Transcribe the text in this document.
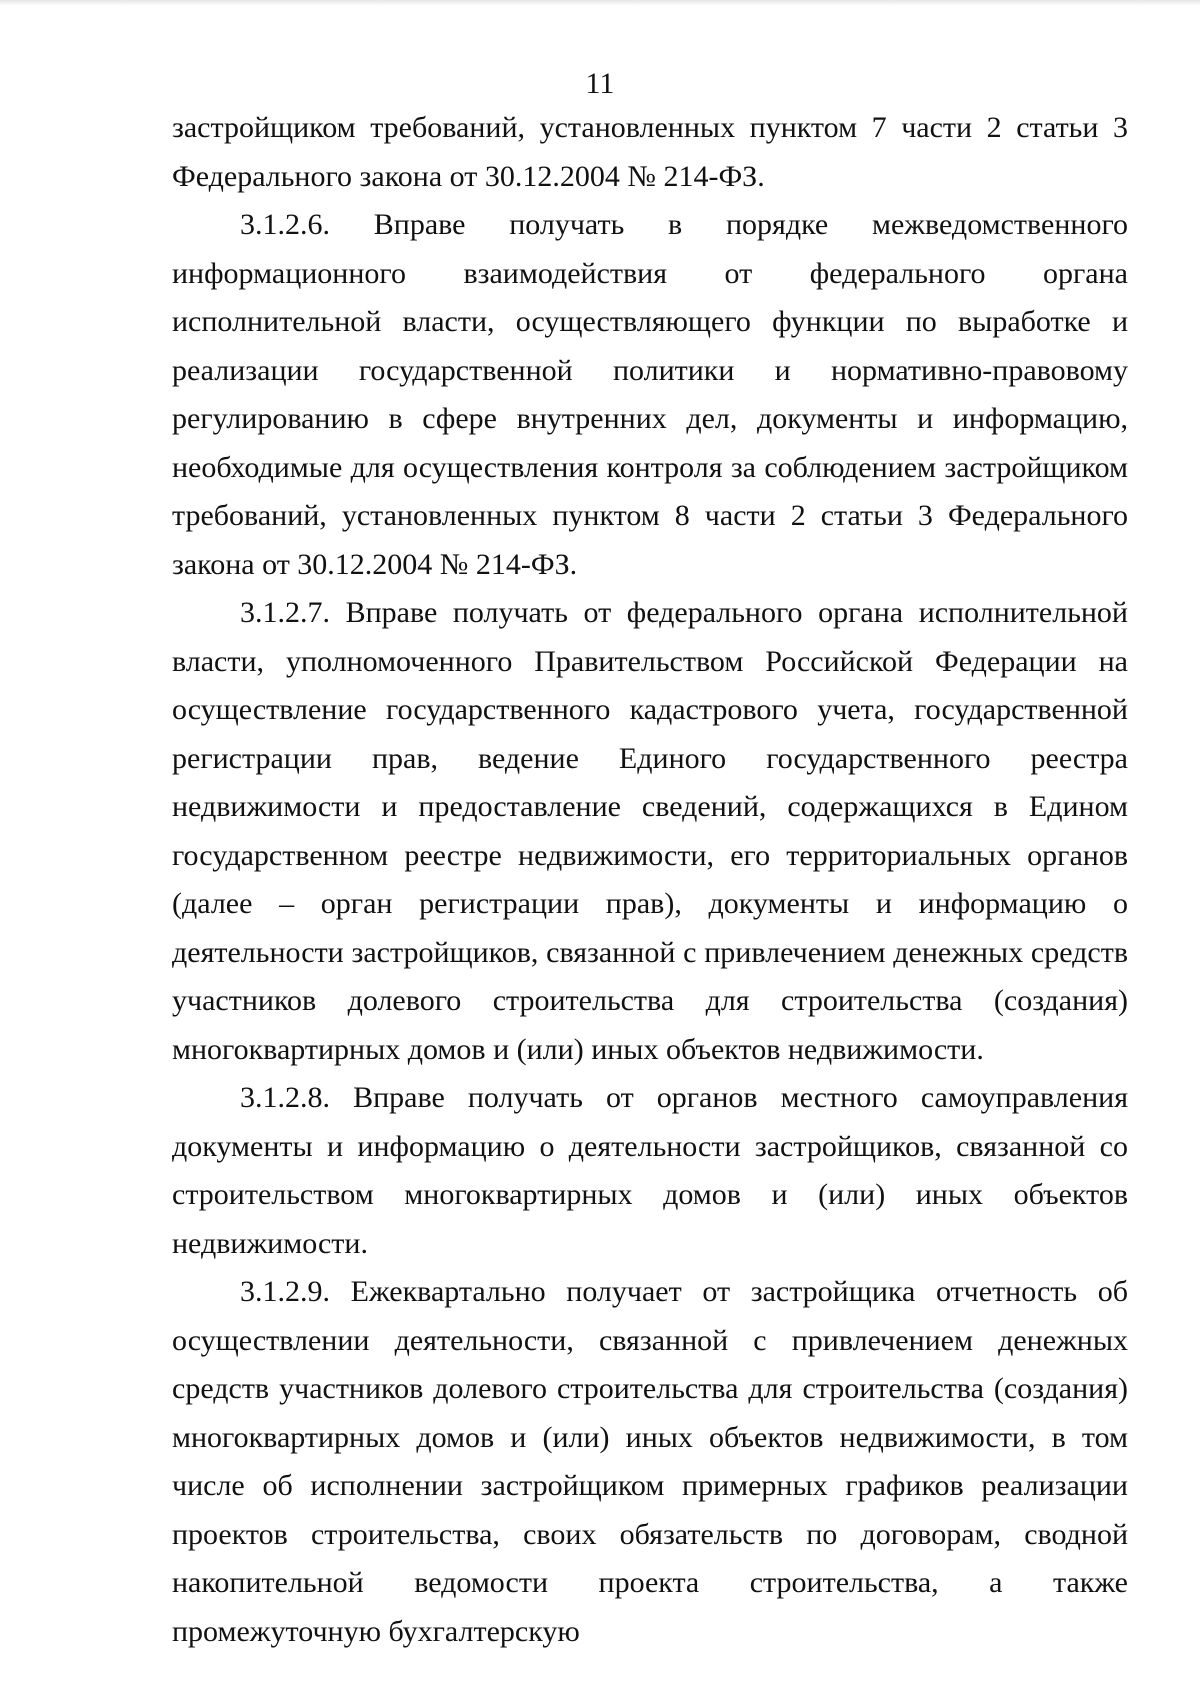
11

застройщиком требований, установленных пунктом 7 части 2 статьи 3 Федерального закона от 30.12.2004 № 214-ФЗ.

3.1.2.6. Вправе получать в порядке межведомственного информационного взаимодействия от федерального органа исполнительной власти, осуществляющего функции по выработке и реализации государственной политики и нормативно-правовому регулированию в сфере внутренних дел, документы и информацию, необходимые для осуществления контроля за соблюдением застройщиком требований, установленных пунктом 8 части 2 статьи 3 Федерального закона от 30.12.2004 № 214-ФЗ.

3.1.2.7. Вправе получать от федерального органа исполнительной власти, уполномоченного Правительством Российской Федерации на осуществление государственного кадастрового учета, государственной регистрации прав, ведение Единого государственного реестра недвижимости и предоставление сведений, содержащихся в Едином государственном реестре недвижимости, его территориальных органов (далее – орган регистрации прав), документы и информацию о деятельности застройщиков, связанной с привлечением денежных средств участников долевого строительства для строительства (создания) многоквартирных домов и (или) иных объектов недвижимости.

3.1.2.8. Вправе получать от органов местного самоуправления документы и информацию о деятельности застройщиков, связанной со строительством многоквартирных домов и (или) иных объектов недвижимости.

3.1.2.9. Ежеквартально получает от застройщика отчетность об осуществлении деятельности, связанной с привлечением денежных средств участников долевого строительства для строительства (создания) многоквартирных домов и (или) иных объектов недвижимости, в том числе об исполнении застройщиком примерных графиков реализации проектов строительства, своих обязательств по договорам, сводной накопительной ведомости проекта строительства, а также промежуточную бухгалтерскую
